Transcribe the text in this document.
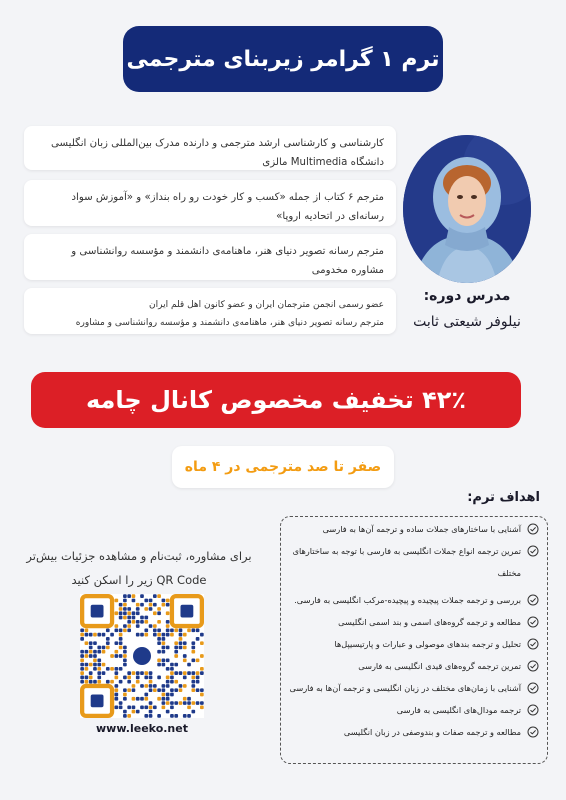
ترم ۱ گرامر زیربنای مترجمی
کارشناسی و کارشناسی ارشد مترجمی و دارنده مدرک بین‌المللی زبان انگلیسی
دانشگاه Multimedia مالزی
مترجم ۶ کتاب از جمله «کسب و کار خودت رو راه بنداز» و «آموزش سواد
رسانه‌ای در اتحادیه اروپا»
مترجم رسانه تصویر دنیای هنر، ماهنامه‌ی دانشمند و مؤسسه روانشناسی و
مشاوره مخدومی
عضو رسمی انجمن مترجمان ایران و عضو کانون اهل قلم ایران
مترجم رسانه تصویر دنیای هنر، ماهنامه‌ی دانشمند و مؤسسه روانشناسی و مشاوره
مدرس دوره:
نیلوفر شیعتی ثابت
۴۲٪ تخفیف مخصوص کانال چامه
صفر تا صد مترجمی در ۴ ماه
اهداف ترم:
آشنایی با ساختارهای جملات ساده و ترجمه آن‌ها به فارسی
تمرین ترجمه انواع جملات انگلیسی به فارسی با توجه به ساختارهای مختلف
بررسی و ترجمه جملات پیچیده و پیچیده-مرکب انگلیسی به فارسی.
مطالعه و ترجمه گروه‌های اسمی و بند اسمی انگلیسی
تحلیل و ترجمه بندهای موصولی و عبارات و پارتیسیپل‌ها
تمرین ترجمه گروه‌های قیدی انگلیسی به فارسی
آشنایی با زمان‌های مختلف در زبان انگلیسی و ترجمه آن‌ها به فارسی
ترجمه مودال‌های انگلیسی به فارسی
مطالعه و ترجمه صفات و بندوصفی در زبان انگلیسی
برای مشاوره، ثبت‌نام و مشاهده جزئیات بیش‌تر
QR Code زیر را اسکن کنید
www.leeko.net
